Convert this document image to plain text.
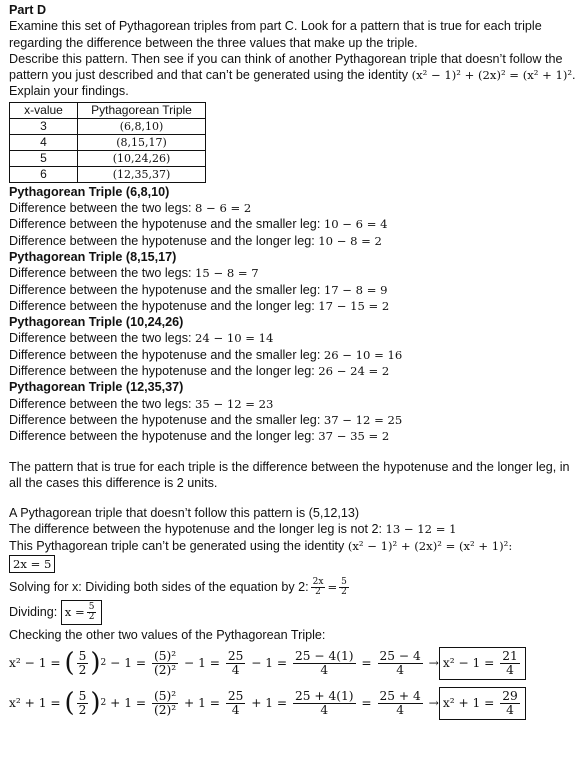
Part D
Examine this set of Pythagorean triples from part C. Look for a pattern that is true for each triple regarding the difference between the three values that make up the triple.
Describe this pattern. Then see if you can think of another Pythagorean triple that doesn’t follow the pattern you just described and that can’t be generated using the identity (x² − 1)² + (2x)² = (x² + 1)². Explain your findings.
x-value	Pythagorean Triple
3	(6,8,10)
4	(8,15,17)
5	(10,24,26)
6	(12,35,37)
Pythagorean Triple (6,8,10)
Difference between the two legs: 8 − 6 = 2
Difference between the hypotenuse and the smaller leg: 10 − 6 = 4
Difference between the hypotenuse and the longer leg: 10 − 8 = 2
Pythagorean Triple (8,15,17)
Difference between the two legs: 15 − 8 = 7
Difference between the hypotenuse and the smaller leg: 17 − 8 = 9
Difference between the hypotenuse and the longer leg: 17 − 15 = 2
Pythagorean Triple (10,24,26)
Difference between the two legs: 24 − 10 = 14
Difference between the hypotenuse and the smaller leg: 26 − 10 = 16
Difference between the hypotenuse and the longer leg: 26 − 24 = 2
Pythagorean Triple (12,35,37)
Difference between the two legs: 35 − 12 = 23
Difference between the hypotenuse and the smaller leg: 37 − 12 = 25
Difference between the hypotenuse and the longer leg: 37 − 35 = 2
The pattern that is true for each triple is the difference between the hypotenuse and the longer leg, in all the cases this difference is 2 units.
A Pythagorean triple that doesn’t follow this pattern is (5,12,13)
The difference between the hypotenuse and the longer leg is not 2: 13 − 12 = 1
This Pythagorean triple can’t be generated using the identity (x² − 1)² + (2x)² = (x² + 1)²:
2x = 5
Solving for x: Dividing both sides of the equation by 2: $\frac{2x}{2} = \frac{5}{2}$
Dividing:
$x = \frac{5}{2}$
Checking the other two values of the Pythagorean Triple:
x² − 1 =
( $\frac{5}{2}$ ) 2
−
$1 = \frac{\text{(5)²}}{\text{(2)²}}$
−
$1 = \frac{25}{4}$
−
$1 = \frac{25 - 4(1)}{4} = \frac{25 - 4}{4}$
→ x² − 1 =
$\frac{21}{4}$
x² + 1 =
( $\frac{5}{2}$ ) 2
+
$1 = \frac{\text{(5)²}}{\text{(2)²}}$
+
$1 = \frac{25}{4}$
+
$1 = \frac{25 + 4(1)}{4} = \frac{25 + 4}{4}$
→ x² + 1 =
$\frac{29}{4}$
